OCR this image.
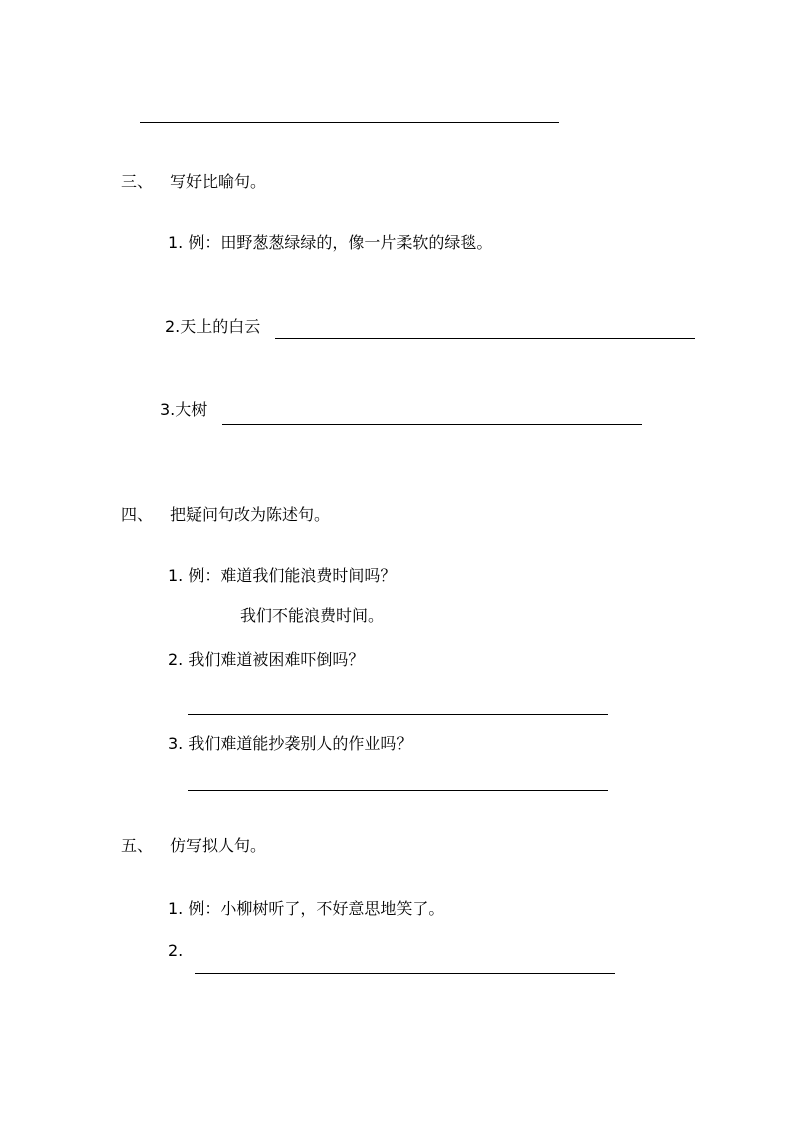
三、 写好比喻句。
1. 例：田野葱葱绿绿的，像一片柔软的绿毯。
2.天上的白云
3.大树
四、 把疑问句改为陈述句。
1. 例：难道我们能浪费时间吗？
我们不能浪费时间。
2. 我们难道被困难吓倒吗？
3. 我们难道能抄袭别人的作业吗？
五、 仿写拟人句。
1. 例：小柳树听了，不好意思地笑了。
2.
